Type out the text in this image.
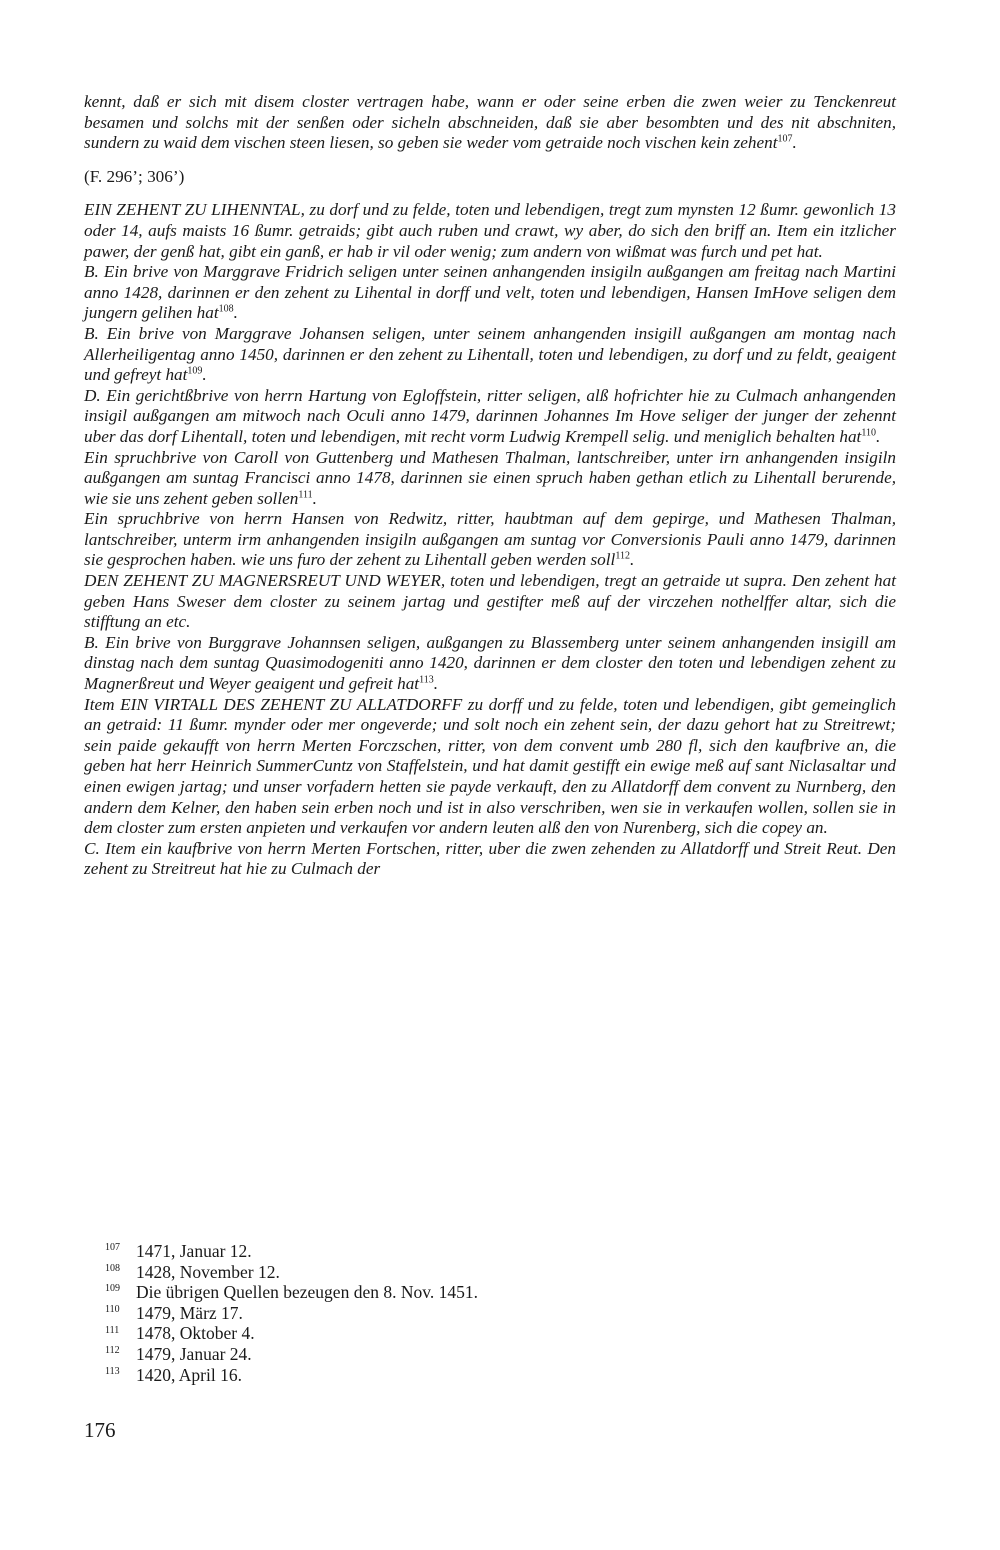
kennt, daß er sich mit disem closter vertragen habe, wann er oder seine erben die zwen weier zu Tenckenreut besamen und solchs mit der senßen oder sicheln abschneiden, daß sie aber besombten und des nit abschniten, sundern zu waid dem vischen steen liesen, so geben sie weder vom getraide noch vischen kein zehent$^{107}$.

(F. 296’; 306’)

EIN ZEHENT ZU LIHENNTAL, zu dorf und zu felde, toten und lebendigen, tregt zum mynsten 12 ßumr. gewonlich 13 oder 14, aufs maists 16 ßumr. getraids; gibt auch ruben und crawt, wy aber, do sich den briff an. Item ein itzlicher pawer, der genß hat, gibt ein ganß, er hab ir vil oder wenig; zum andern von wißmat was furch und pet hat.

B. Ein brive von Marggrave Fridrich seligen unter seinen anhangenden insigiln außgangen am freitag nach Martini anno 1428, darinnen er den zehent zu Lihental in dorff und velt, toten und lebendigen, Hansen ImHove seligen dem jungern gelihen hat$^{108}$.

B. Ein brive von Marggrave Johansen seligen, unter seinem anhangenden insigill außgangen am montag nach Allerheiligentag anno 1450, darinnen er den zehent zu Lihentall, toten und lebendigen, zu dorf und zu feldt, geaigent und gefreyt hat$^{109}$.

D. Ein gerichtßbrive von herrn Hartung von Egloffstein, ritter seligen, alß hofrichter hie zu Culmach anhangenden insigil außgangen am mitwoch nach Oculi anno 1479, darinnen Johannes Im Hove seliger der junger der zehennt uber das dorf Lihentall, toten und lebendigen, mit recht vorm Ludwig Krempell selig. und meniglich behalten hat$^{110}$.

Ein spruchbrive von Caroll von Guttenberg und Mathesen Thalman, lantschreiber, unter irn anhangenden insigiln außgangen am suntag Francisci anno 1478, darinnen sie einen spruch haben gethan etlich zu Lihentall berurende, wie sie uns zehent geben sollen$^{111}$.

Ein spruchbrive von herrn Hansen von Redwitz, ritter, haubtman auf dem gepirge, und Mathesen Thalman, lantschreiber, unterm irm anhangenden insigiln außgangen am suntag vor Conversionis Pauli anno 1479, darinnen sie gesprochen haben. wie uns furo der zehent zu Lihentall geben werden soll$^{112}$.

DEN ZEHENT ZU MAGNERSREUT UND WEYER, toten und lebendigen, tregt an getraide ut supra. Den zehent hat geben Hans Sweser dem closter zu seinem jartag und gestifter meß auf der virczehen nothelffer altar, sich die stifftung an etc.

B. Ein brive von Burggrave Johannsen seligen, außgangen zu Blassemberg unter seinem anhangenden insigill am dinstag nach dem suntag Quasimodogeniti anno 1420, darinnen er dem closter den toten und lebendigen zehent zu Magnerßreut und Weyer geaigent und gefreit hat$^{113}$.

Item EIN VIRTALL DES ZEHENT ZU ALLATDORFF zu dorff und zu felde, toten und lebendigen, gibt gemeinglich an getraid: 11 ßumr. mynder oder mer ongeverde; und solt noch ein zehent sein, der dazu gehort hat zu Streitrewt; sein paide gekaufft von herrn Merten Forczschen, ritter, von dem convent umb 280 fl, sich den kaufbrive an, die geben hat herr Heinrich SummerCuntz von Staffelstein, und hat damit gestifft ein ewige meß auf sant Niclasaltar und einen ewigen jartag; und unser vorfadern hetten sie payde verkauft, den zu Allatdorff dem convent zu Nurnberg, den andern dem Kelner, den haben sein erben noch und ist in also verschriben, wen sie in verkaufen wollen, sollen sie in dem closter zum ersten anpieten und verkaufen vor andern leuten alß den von Nurenberg, sich die copey an.

C. Item ein kaufbrive von herrn Merten Fortschen, ritter, uber die zwen zehenden zu Allatdorff und Streit Reut. Den zehent zu Streitreut hat hie zu Culmach der

107 1471, Januar 12.
108 1428, November 12.
109 Die übrigen Quellen bezeugen den 8. Nov. 1451.
110 1479, März 17.
111 1478, Oktober 4.
112 1479, Januar 24.
113 1420, April 16.
176
